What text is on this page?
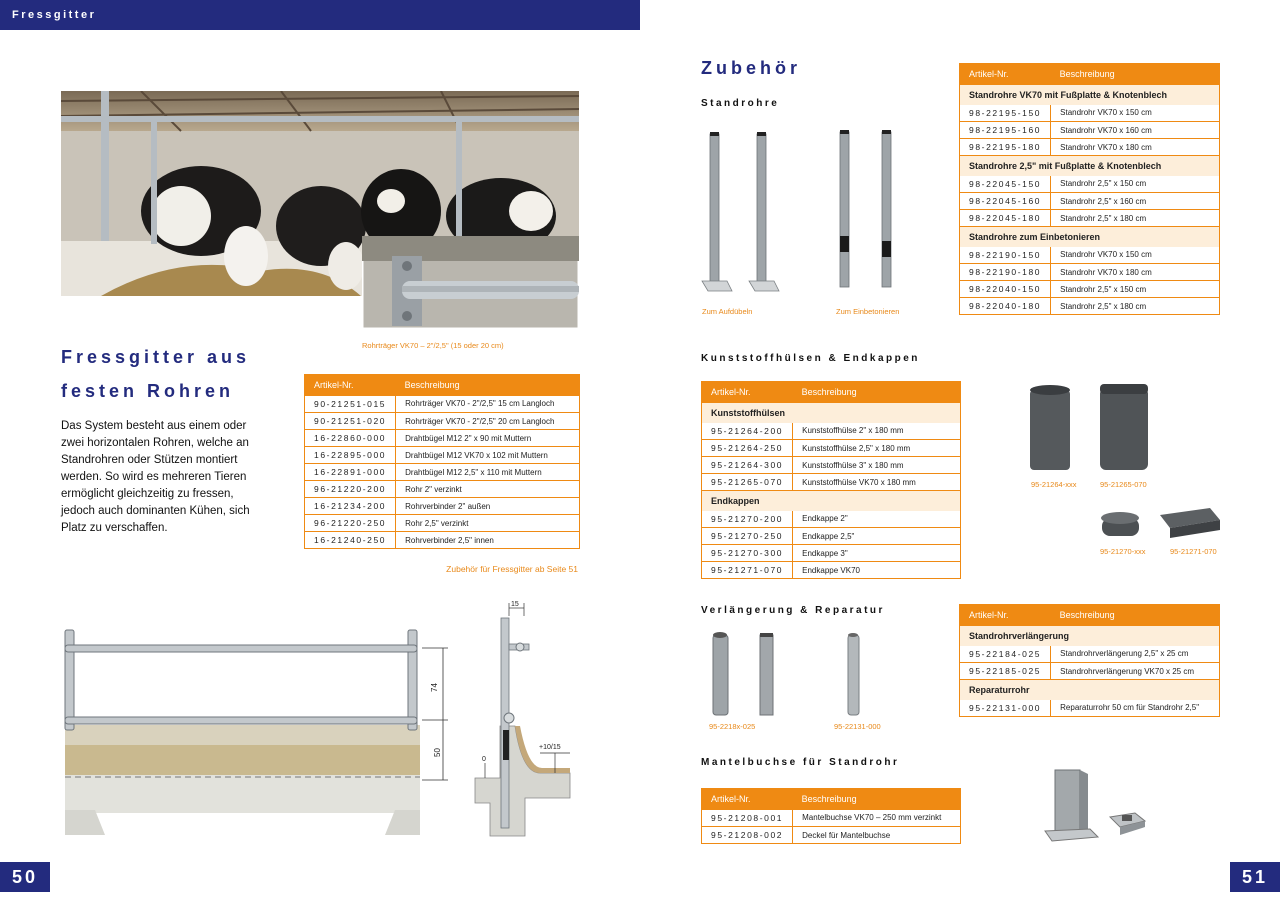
Fressgitter
Rohrträger VK70 – 2"/2,5" (15 oder 20 cm)
Fressgitter aus
festen Rohren
Das System besteht aus einem oder zwei horizontalen Rohren, welche an Standrohren oder Stützen montiert werden. So wird es mehreren Tieren ermöglicht gleichzeitig zu fressen, jedoch auch dominanten Kühen, sich Platz zu verschaffen.
Artikel-Nr.	Beschreibung
90-21251-015	Rohrträger VK70 - 2"/2,5" 15 cm Langloch
90-21251-020	Rohrträger VK70 - 2"/2,5" 20 cm Langloch
16-22860-000	Drahtbügel M12 2" x 90 mit Muttern
16-22895-000	Drahtbügel M12 VK70 x 102 mit Muttern
16-22891-000	Drahtbügel M12 2,5" x 110 mit Muttern
96-21220-200	Rohr 2" verzinkt
16-21234-200	Rohrverbinder 2" außen
96-21220-250	Rohr 2,5" verzinkt
16-21240-250	Rohrverbinder 2,5" innen
Zubehör für Fressgitter ab Seite 51
74
50
15
+10/15
0
50
Zubehör
Standrohre
Zum Aufdübeln	Zum Einbetonieren
Artikel-Nr.	Beschreibung
Standrohre VK70 mit Fußplatte & Knotenblech	
98-22195-150	Standrohr VK70 x 150 cm
98-22195-160	Standrohr VK70 x 160 cm
98-22195-180	Standrohr VK70 x 180 cm
Standrohre 2,5" mit Fußplatte & Knotenblech	
98-22045-150	Standrohr 2,5" x 150 cm
98-22045-160	Standrohr 2,5" x 160 cm
98-22045-180	Standrohr 2,5" x 180 cm
Standrohre zum Einbetonieren	
98-22190-150	Standrohr VK70 x 150 cm
98-22190-180	Standrohr VK70 x 180 cm
98-22040-150	Standrohr 2,5" x 150 cm
98-22040-180	Standrohr 2,5" x 180 cm
Kunststoffhülsen & Endkappen
Artikel-Nr.	Beschreibung
Kunststoffhülsen	
95-21264-200	Kunststoffhülse 2" x 180 mm
95-21264-250	Kunststoffhülse 2,5" x 180 mm
95-21264-300	Kunststoffhülse 3" x 180 mm
95-21265-070	Kunststoffhülse VK70 x 180 mm
Endkappen	
95-21270-200	Endkappe 2"
95-21270-250	Endkappe 2,5"
95-21270-300	Endkappe 3"
95-21271-070	Endkappe VK70
95-21264-xxx	95-21265-070
95-21270-xxx	95-21271-070
Verlängerung & Reparatur
95-2218x-025	95-22131-000
Artikel-Nr.	Beschreibung
Standrohrverlängerung	
95-22184-025	Standrohrverlängerung 2,5" x 25 cm
95-22185-025	Standrohrverlängerung VK70 x 25 cm
Reparaturrohr	
95-22131-000	Reparaturrohr 50 cm für Standrohr 2,5"
Mantelbuchse für Standrohr
Artikel-Nr.	Beschreibung
95-21208-001	Mantelbuchse VK70 – 250 mm verzinkt
95-21208-002	Deckel für Mantelbuchse
51
